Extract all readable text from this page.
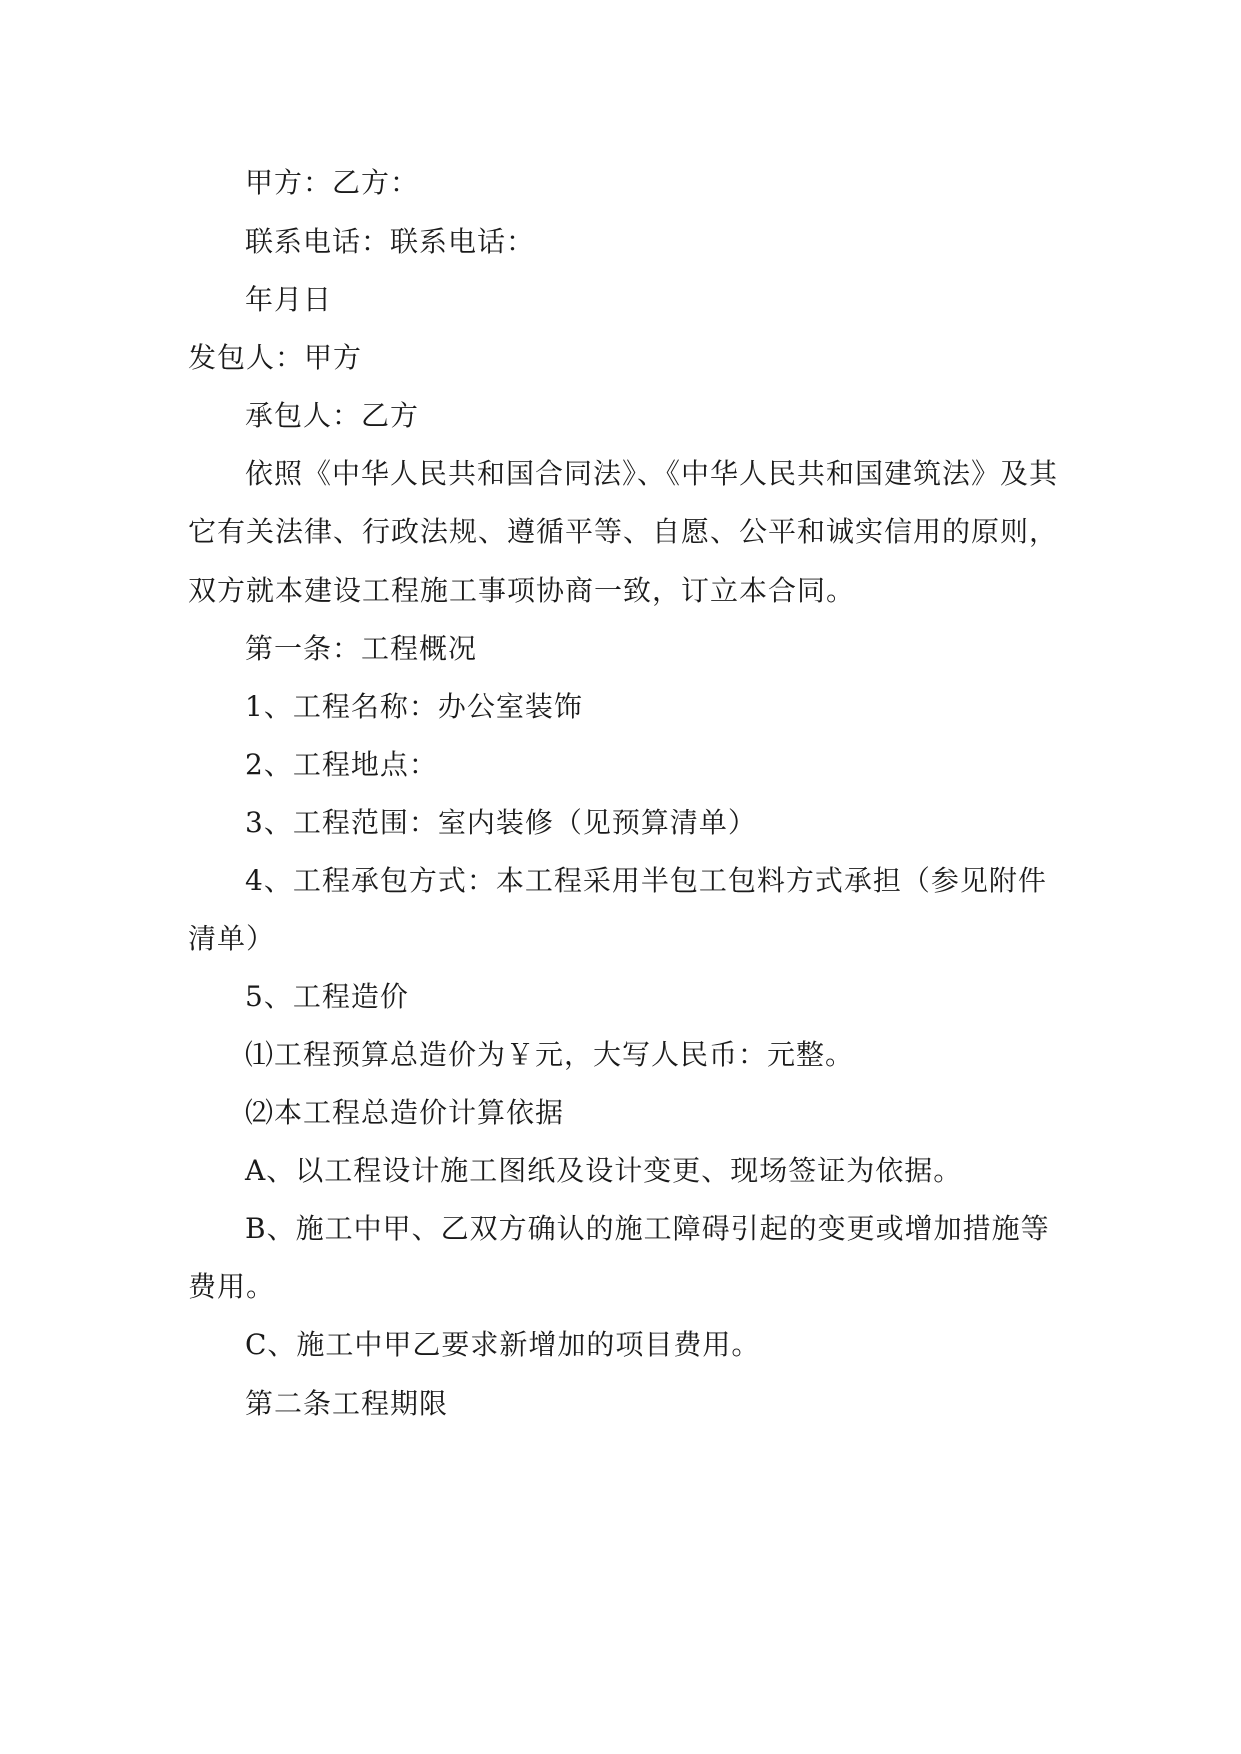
甲方：乙方：
联系电话：联系电话：
年月日
发包人：甲方
承包人：乙方
依照《中华人民共和国合同法》、《中华人民共和国建筑法》及其
它有关法律、行政法规、遵循平等、自愿、公平和诚实信用的原则，
双方就本建设工程施工事项协商一致，订立本合同。
第一条：工程概况
1、工程名称：办公室装饰
2、工程地点：
3、工程范围：室内装修（见预算清单）
4、工程承包方式：本工程采用半包工包料方式承担（参见附件
清单）
5、工程造价
⑴工程预算总造价为￥元，大写人民币：元整。
⑵本工程总造价计算依据
A、以工程设计施工图纸及设计变更、现场签证为依据。
B、施工中甲、乙双方确认的施工障碍引起的变更或增加措施等
费用。
C、施工中甲乙要求新增加的项目费用。
第二条工程期限
